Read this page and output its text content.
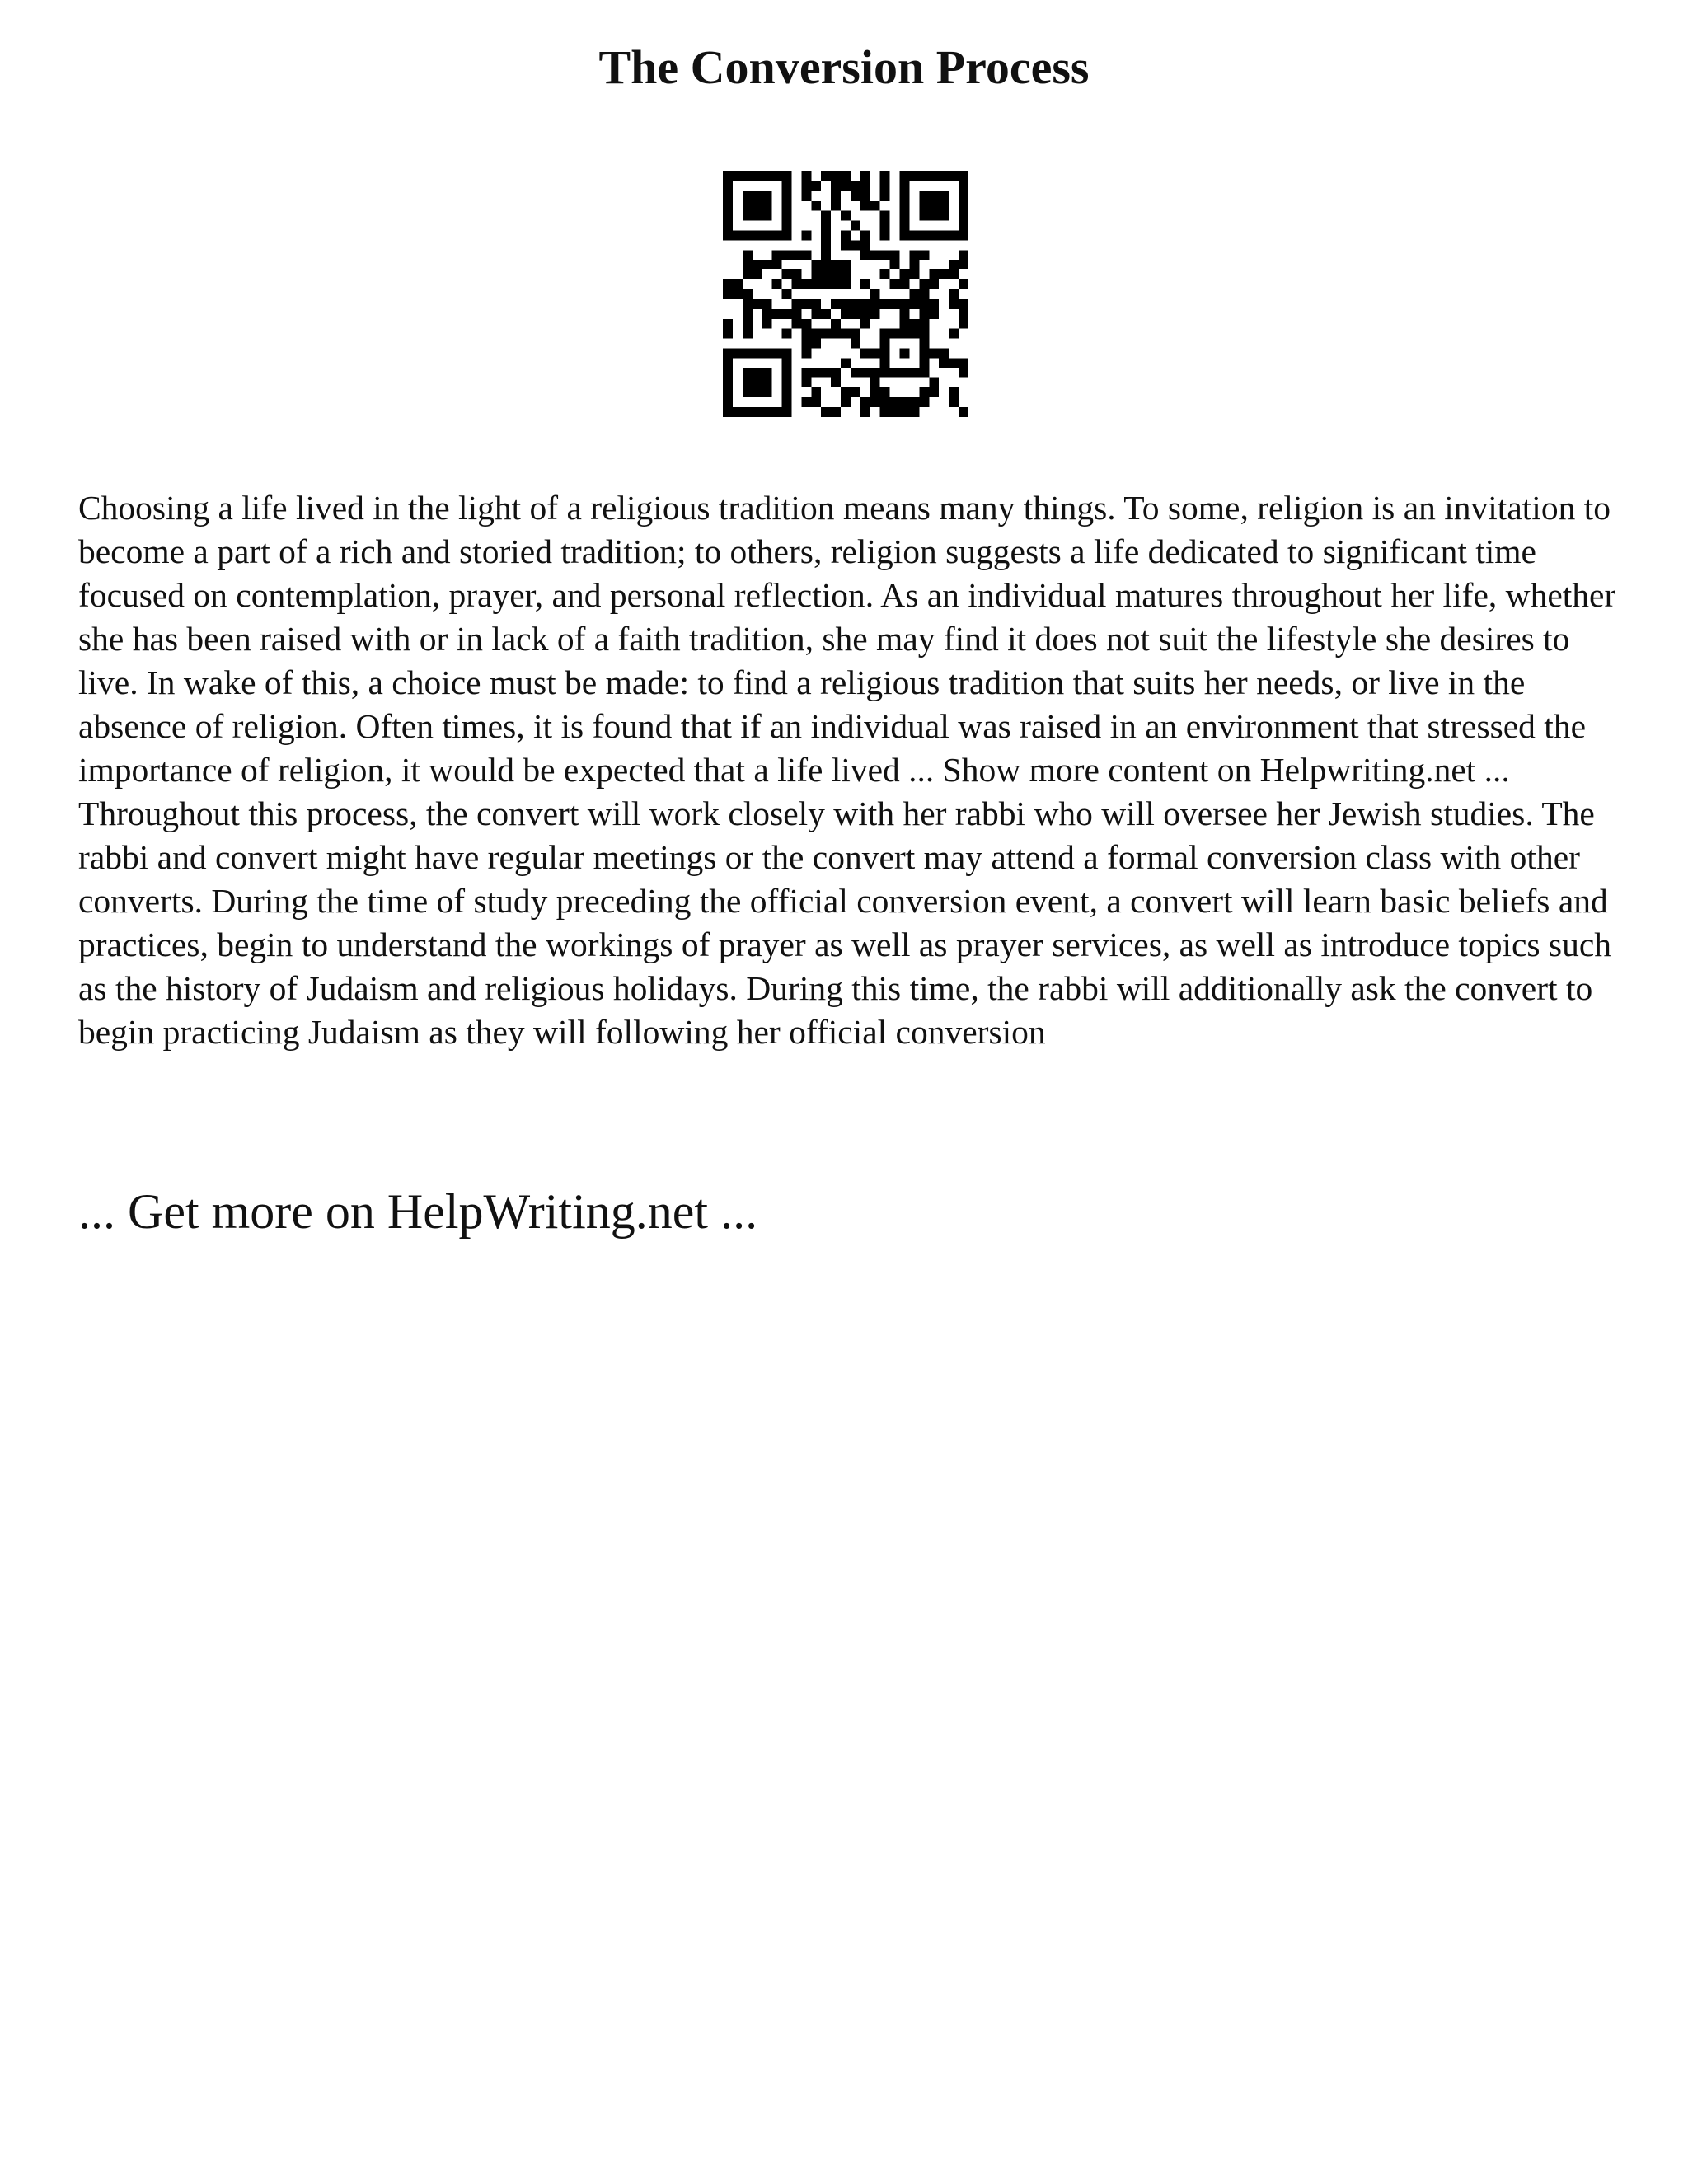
The Conversion Process

Choosing a life lived in the light of a religious tradition means many things. To some, religion is an invitation to become a part of a rich and storied tradition; to others, religion suggests a life dedicated to significant time focused on contemplation, prayer, and personal reflection. As an individual matures throughout her life, whether she has been raised with or in lack of a faith tradition, she may find it does not suit the lifestyle she desires to live. In wake of this, a choice must be made: to find a religious tradition that suits her needs, or live in the absence of religion. Often times, it is found that if an individual was raised in an environment that stressed the importance of religion, it would be expected that a life lived ... Show more content on Helpwriting.net ...

Throughout this process, the convert will work closely with her rabbi who will oversee her Jewish studies. The rabbi and convert might have regular meetings or the convert may attend a formal conversion class with other converts. During the time of study preceding the official conversion event, a convert will learn basic beliefs and practices, begin to understand the workings of prayer as well as prayer services, as well as introduce topics such as the history of Judaism and religious holidays. During this time, the rabbi will additionally ask the convert to begin practicing Judaism as they will following her official conversion

... Get more on HelpWriting.net ...
